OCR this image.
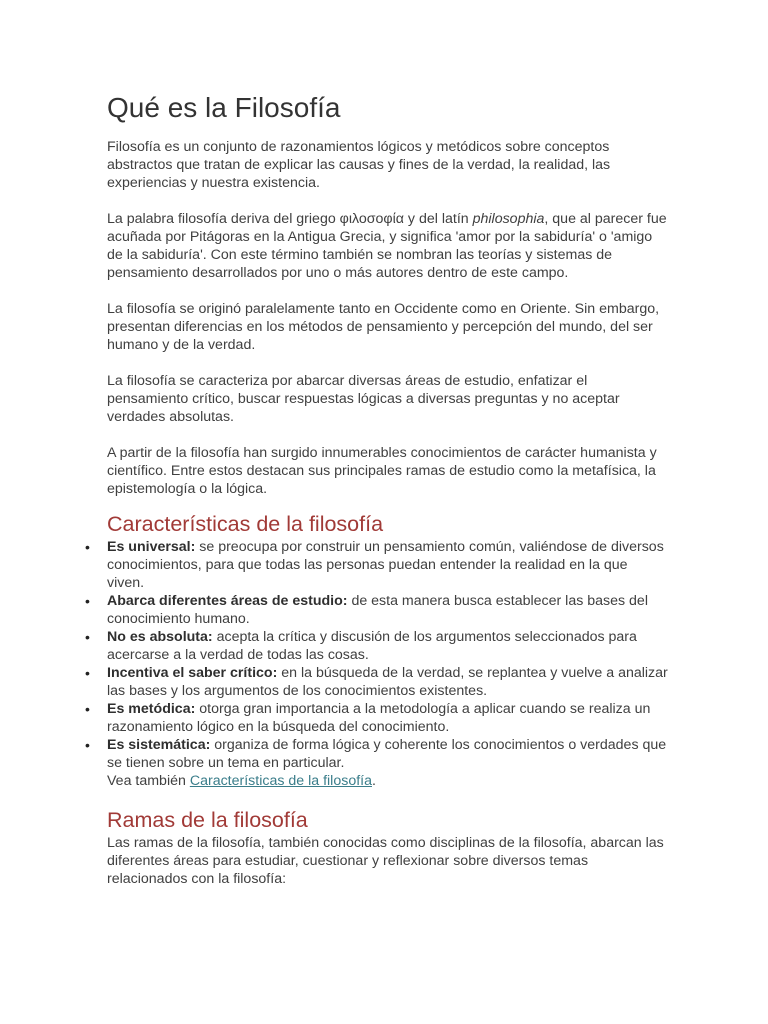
Qué es la Filosofía

Filosofía es un conjunto de razonamientos lógicos y metódicos sobre conceptos abstractos que tratan de explicar las causas y fines de la verdad, la realidad, las experiencias y nuestra existencia.

La palabra filosofía deriva del griego φιλοσοφία y del latín philosophia, que al parecer fue acuñada por Pitágoras en la Antigua Grecia, y significa 'amor por la sabiduría' o 'amigo de la sabiduría'. Con este término también se nombran las teorías y sistemas de pensamiento desarrollados por uno o más autores dentro de este campo.

La filosofía se originó paralelamente tanto en Occidente como en Oriente. Sin embargo, presentan diferencias en los métodos de pensamiento y percepción del mundo, del ser humano y de la verdad.

La filosofía se caracteriza por abarcar diversas áreas de estudio, enfatizar el pensamiento crítico, buscar respuestas lógicas a diversas preguntas y no aceptar verdades absolutas.

A partir de la filosofía han surgido innumerables conocimientos de carácter humanista y científico. Entre estos destacan sus principales ramas de estudio como la metafísica, la epistemología o la lógica.

Características de la filosofía
• Es universal: se preocupa por construir un pensamiento común, valiéndose de diversos conocimientos, para que todas las personas puedan entender la realidad en la que viven.
• Abarca diferentes áreas de estudio: de esta manera busca establecer las bases del conocimiento humano.
• No es absoluta: acepta la crítica y discusión de los argumentos seleccionados para acercarse a la verdad de todas las cosas.
• Incentiva el saber crítico: en la búsqueda de la verdad, se replantea y vuelve a analizar las bases y los argumentos de los conocimientos existentes.
• Es metódica: otorga gran importancia a la metodología a aplicar cuando se realiza un razonamiento lógico en la búsqueda del conocimiento.
• Es sistemática: organiza de forma lógica y coherente los conocimientos o verdades que se tienen sobre un tema en particular.
Vea también Características de la filosofía.
Ramas de la filosofía

Las ramas de la filosofía, también conocidas como disciplinas de la filosofía, abarcan las diferentes áreas para estudiar, cuestionar y reflexionar sobre diversos temas relacionados con la filosofía:
